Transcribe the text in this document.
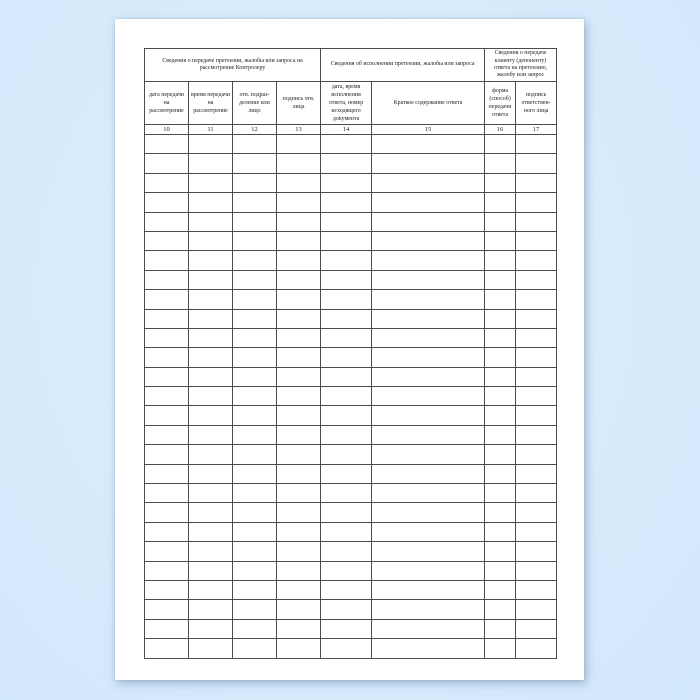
Сведения о передаче претензии, жалобы или запроса на рассмотрение Контролеру				Сведения об исполнении претензии, жалобы или запроса		Сведения о передаче клиенту (депоненту) ответа на претензию, жалобу или запрос	
дата передачи на рассмотрение	время передачи на рассмотрение	отв. подраз-деление или лицо	подпись отв. лица	дата, время исполнения ответа, номер исходящего документа	Краткое содержание ответа	форма (способ) передачи ответа	подпись ответствен-ного лица
10	11	12	13	14	15	16	17
